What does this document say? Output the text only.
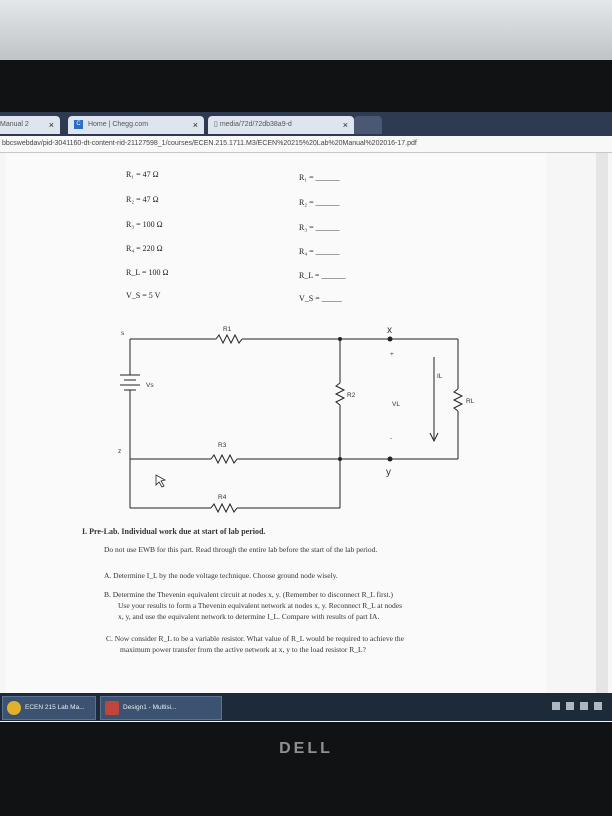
Manual 2 ×	C Home | Chegg.com	×	▯ media/72d/72db38a9-d	×
bbcswebdav/pid-3041160-dt-content-rid-21127598_1/courses/ECEN.215.1711.M3/ECEN%20215%20Lab%20Manual%202016-17.pdf
R₁ = 47 Ω
R₂ = 47 Ω
R₃ = 100 Ω
R₄ = 220 Ω
R_L = 100 Ω
V_S = 5 V
R₁ = ______
R₂ = ______
R₃ = ______
R₄ = ______
R_L = ______
V_S = _____
s
z
x
y
+
-
R1
R2
R3
R4
RL
Vs
VL
IL
I. Pre-Lab. Individual work due at start of lab period.
Do not use EWB for this part. Read through the entire lab before the start of the lab period.
A. Determine I_L by the node voltage technique. Choose ground node wisely.
B. Determine the Thevenin equivalent circuit at nodes x, y. (Remember to disconnect R_L first.)
Use your results to form a Thevenin equivalent network at nodes x, y. Reconnect R_L at nodes
x, y, and use the equivalent network to determine I_L. Compare with results of part IA.
C. Now consider R_L to be a variable resistor. What value of R_L would be required to achieve the
maximum power transfer from the active network at x, y to the load resistor R_L?
ECEN 215 Lab Ma...	Design1 - Multisi...
DELL
